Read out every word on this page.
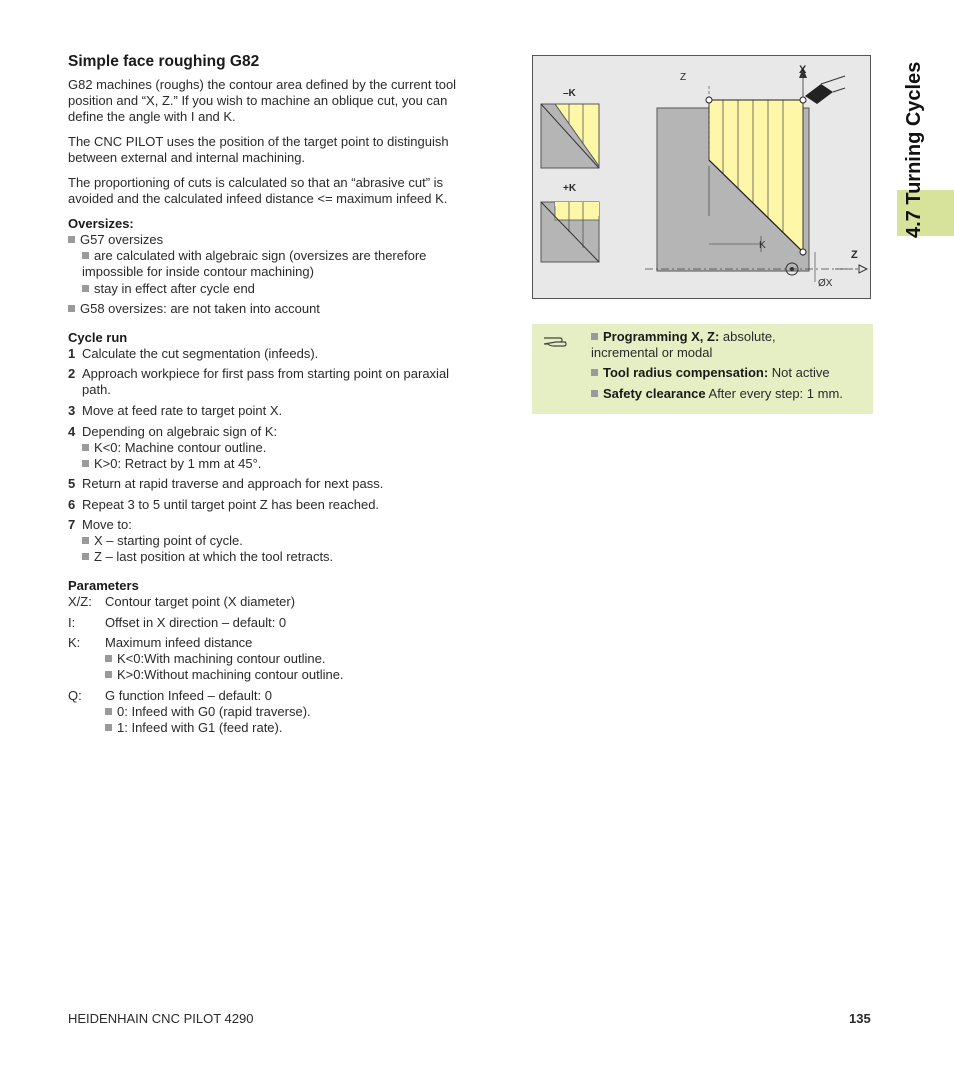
Simple face roughing G82
G82 machines (roughs) the contour area defined by the current tool
position and “X, Z.” If you wish to machine an oblique cut, you can
define the angle with I and K.
The CNC PILOT uses the position of the target point to distinguish
between external and internal machining.
The proportioning of cuts is calculated so that an “abrasive cut” is
avoided and the calculated infeed distance <= maximum infeed K.
Oversizes:
G57 oversizes
are calculated with algebraic sign (oversizes are therefore
impossible for inside contour machining)
stay in effect after cycle end
G58 oversizes: are not taken into account
Cycle run
1 Calculate the cut segmentation (infeeds).
2 Approach workpiece for first pass from starting point on paraxial
path.
3 Move at feed rate to target point X.
4 Depending on algebraic sign of K:
K<0: Machine contour outline.
K>0: Retract by 1 mm at 45°.
5 Return at rapid traverse and approach for next pass.
6 Repeat 3 to 5 until target point Z has been reached.
7 Move to:
X – starting point of cycle.
Z – last position at which the tool retracts.
Parameters
X/Z: Contour target point (X diameter)
I: Offset in X direction – default: 0
K: Maximum infeed distance
K<0:With machining contour outline.
K>0:Without machining contour outline.
Q: G function Infeed – default: 0
0: Infeed with G0 (rapid traverse).
1: Infeed with G1 (feed rate).
–K
+K
Z
X
Z
K
ØX
Programming X, Z: absolute,
incremental or modal
Tool radius compensation: Not active
Safety clearance After every step: 1 mm.
4.7 Turning Cycles
HEIDENHAIN CNC PILOT 4290	135
